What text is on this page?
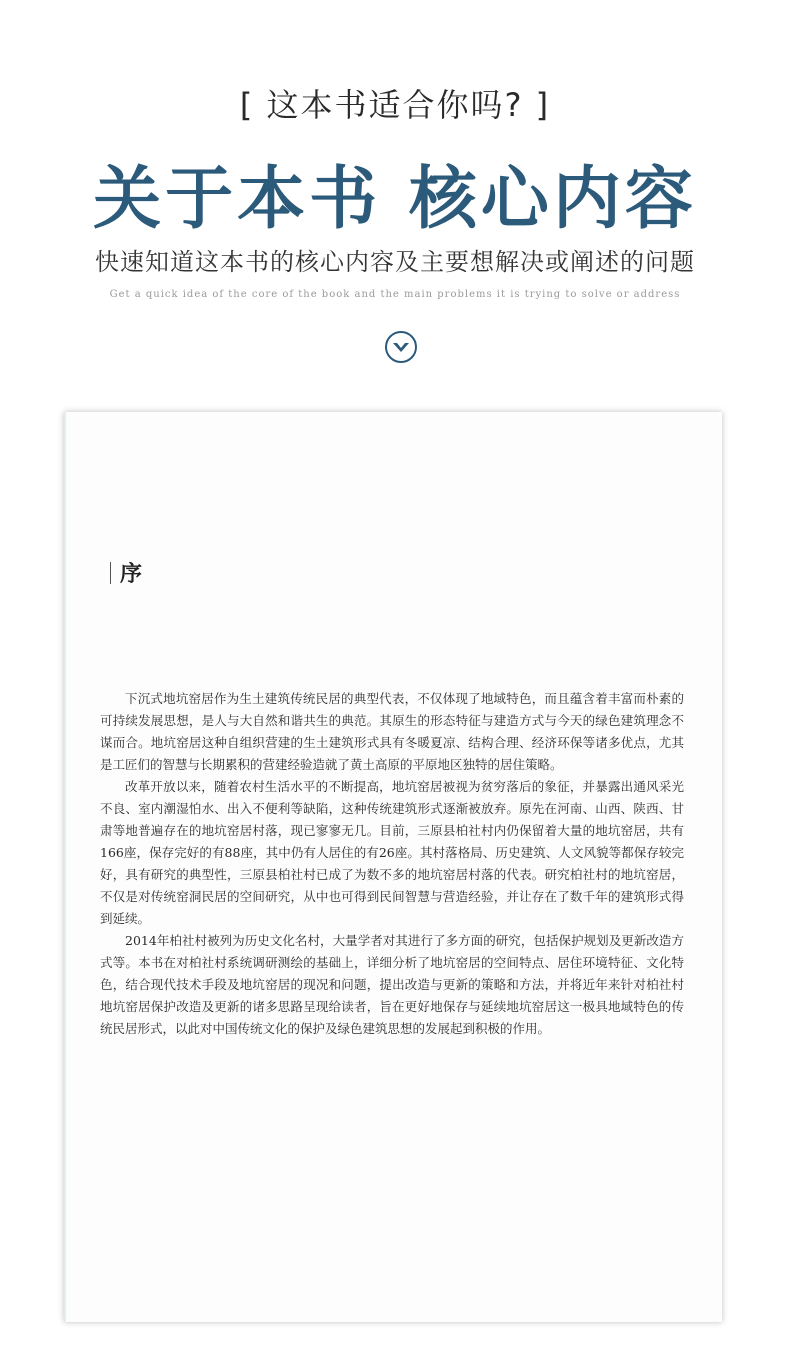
[ 这本书适合你吗? ]
关于本书 核心内容
快速知道这本书的核心内容及主要想解决或阐述的问题
Get a quick idea of the core of the book and the main problems it is trying to solve or address
序

下沉式地坑窑居作为生土建筑传统民居的典型代表，不仅体现了地域特色，而且蕴含着丰富而朴素的可持续发展思想，是人与大自然和谐共生的典范。其原生的形态特征与建造方式与今天的绿色建筑理念不谋而合。地坑窑居这种自组织营建的生土建筑形式具有冬暖夏凉、结构合理、经济环保等诸多优点，尤其是工匠们的智慧与长期累积的营建经验造就了黄土高原的平原地区独特的居住策略。

改革开放以来，随着农村生活水平的不断提高，地坑窑居被视为贫穷落后的象征，并暴露出通风采光不良、室内潮湿怕水、出入不便利等缺陷，这种传统建筑形式逐渐被放弃。原先在河南、山西、陕西、甘肃等地普遍存在的地坑窑居村落，现已寥寥无几。目前，三原县柏社村内仍保留着大量的地坑窑居，共有166座，保存完好的有88座，其中仍有人居住的有26座。其村落格局、历史建筑、人文风貌等都保存较完好，具有研究的典型性，三原县柏社村已成了为数不多的地坑窑居村落的代表。研究柏社村的地坑窑居，不仅是对传统窑洞民居的空间研究，从中也可得到民间智慧与营造经验，并让存在了数千年的建筑形式得到延续。

2014年柏社村被列为历史文化名村，大量学者对其进行了多方面的研究，包括保护规划及更新改造方式等。本书在对柏社村系统调研测绘的基础上，详细分析了地坑窑居的空间特点、居住环境特征、文化特色，结合现代技术手段及地坑窑居的现况和问题，提出改造与更新的策略和方法，并将近年来针对柏社村地坑窑居保护改造及更新的诸多思路呈现给读者，旨在更好地保存与延续地坑窑居这一极具地域特色的传统民居形式，以此对中国传统文化的保护及绿色建筑思想的发展起到积极的作用。
